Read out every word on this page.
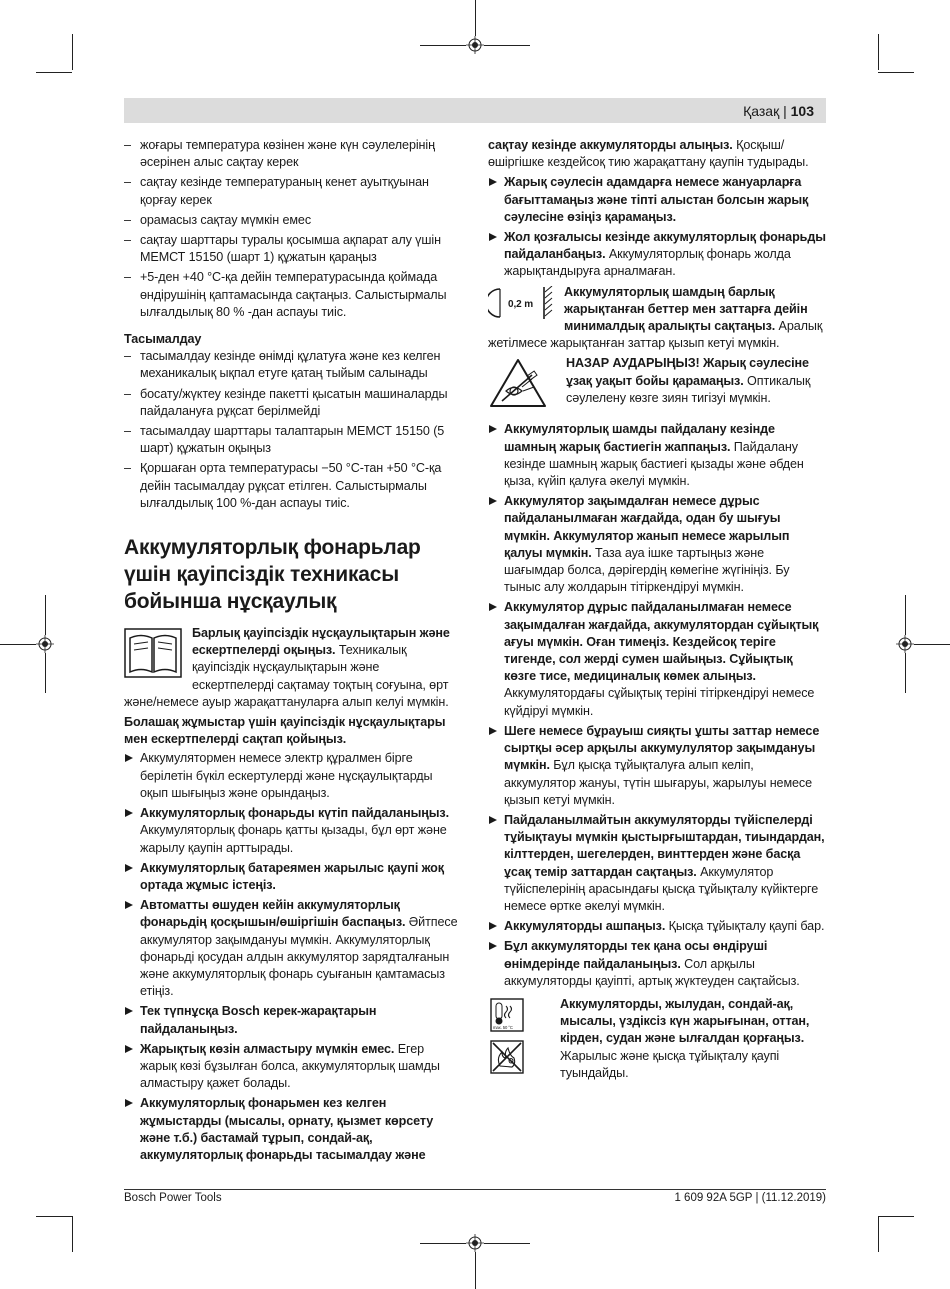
Қазақ | 103

– жоғары температура көзінен және күн сәулелерінің әсерінен алыс сақтау керек

– сақтау кезінде температураның кенет ауытқуынан қорғау керек

– орамасыз сақтау мүмкін емес

– сақтау шарттары туралы қосымша ақпарат алу үшін МЕМСТ 15150 (шарт 1) құжатын қараңыз

– +5-ден +40 °C-қа дейін температурасында қоймада өндірушінің қаптамасында сақтаңыз. Салыстырмалы ылғалдылық 80 % -дан аспауы тиіс.

Тасымалдау

– тасымалдау кезінде өнімді құлатуға және кез келген механикалық ықпал етуге қатаң тыйым салынады

– босату/жүктеу кезінде пакетті қысатын машиналарды пайдалануға рұқсат берілмейді

– тасымалдау шарттары талаптарын МЕМСТ 15150 (5 шарт) құжатын оқыңыз

– Қоршаған орта температурасы −50 °C-тан +50 °C-қа дейін тасымалдау рұқсат етілген. Салыстырмалы ылғалдылық 100 %-дан аспауы тиіс.

Аккумуляторлық фонарьлар үшін қауіпсіздік техникасы бойынша нұсқаулық

Барлық қауіпсіздік нұсқаулықтарын және ескертпелерді оқыңыз. Техникалық қауіпсіздік нұсқаулықтарын және ескертпелерді сақтамау тоқтың соғуына, өрт және/немесе ауыр жарақаттануларға алып келуі мүмкін.

Болашақ жұмыстар үшін қауіпсіздік нұсқаулықтары мен ескертпелерді сақтап қойыңыз.

Аккумулятормен немесе электр құралмен бірге берілетін бүкіл ескертулерді және нұсқаулықтарды оқып шығыңыз және орындаңыз.

Аккумуляторлық фонарьды күтіп пайдаланыңыз. Аккумуляторлық фонарь қатты қызады, бұл өрт және жарылу қаупін арттырады.

Аккумуляторлық батареямен жарылыс қаупі жоқ ортада жұмыс істеңіз.

Автоматты өшуден кейін аккумуляторлық фонарьдің қосқышын/өшіргішін баспаңыз. Әйтпесе аккумулятор зақымдануы мүмкін. Аккумуляторлық фонарьді қосудан алдын аккумулятор зарядталғанын және аккумуляторлық фонарь суығанын қамтамасыз етіңіз.

Тек түпнұсқа Bosch керек-жарақтарын пайдаланыңыз.

Жарықтық көзін алмастыру мүмкін емес. Егер жарық көзі бұзылған болса, аккумуляторлық шамды алмастыру қажет болады.

Аккумуляторлық фонарьмен кез келген жұмыстарды (мысалы, орнату, қызмет көрсету және т.б.) бастамай тұрып, сондай-ақ, аккумуляторлық фонарьды тасымалдау және

сақтау кезінде аккумуляторды алыңыз. Қосқыш/өшіргішке кездейсоқ тию жарақаттану қаупін тудырады.

Жарық сәулесін адамдарға немесе жануарларға бағыттамаңыз және тіпті алыстан болсын жарық сәулесіне өзіңіз қарамаңыз.

Жол қозғалысы кезінде аккумуляторлық фонарьды пайдаланбаңыз. Аккумуляторлық фонарь жолда жарықтандыруға арналмаған.

0,2 m

Аккумуляторлық шамдың барлық жарықтанған беттер мен заттарға дейін минималдық аралықты сақтаңыз. Аралық жетілмесе жарықтанған заттар қызып кетуі мүмкін.

НАЗАР АУДАРЫҢЫЗ! Жарық сәулесіне ұзақ уақыт бойы қарамаңыз. Оптикалық сәулелену көзге зиян тигізуі мүмкін.

Аккумуляторлық шамды пайдалану кезінде шамның жарық бастиегін жаппаңыз. Пайдалану кезінде шамның жарық бастиегі қызады және әбден қыза, күйіп қалуға әкелуі мүмкін.

Аккумулятор зақымдалған немесе дұрыс пайдаланылмаған жағдайда, одан бу шығуы мүмкін. Аккумулятор жанып немесе жарылып қалуы мүмкін. Таза ауа ішке тартыңыз және шағымдар болса, дәрігердің көмегіне жүгініңіз. Бу тыныс алу жолдарын тітіркендіруі мүмкін.

Аккумулятор дұрыс пайдаланылмаған немесе зақымдалған жағдайда, аккумулятордан сұйықтық ағуы мүмкін. Оған тимеңіз. Кездейсоқ теріге тигенде, сол жерді сумен шайыңыз. Сұйықтық көзге тисе, медициналық көмек алыңыз. Аккумулятордағы сұйықтық теріні тітіркендіруі немесе күйдіруі мүмкін.

Шеге немесе бұрауыш сияқты ұшты заттар немесе сыртқы әсер арқылы аккумулулятор зақымдануы мүмкін. Бұл қысқа тұйықталуға алып келіп, аккумулятор жануы, түтін шығаруы, жарылуы немесе қызып кетуі мүмкін.

Пайдаланылмайтын аккумуляторды түйіспелерді тұйықтауы мүмкін қыстырғыштардан, тиындардан, кілттерден, шегелерден, винттерден және басқа ұсақ темір заттардан сақтаңыз. Аккумулятор түйіспелерінің арасындағы қысқа тұйықталу күйіктерге немесе өртке әкелуі мүмкін.

Аккумуляторды ашпаңыз. Қысқа тұйықталу қаупі бар.

Бұл аккумуляторды тек қана осы өндіруші өнімдерінде пайдаланыңыз. Сол арқылы аккумуляторды қауіпті, артық жүктеуден сақтайсыз.

max. 50 °C

Аккумуляторды, жылудан, сондай-ақ, мысалы, үздіксіз күн жарығынан, оттан, кірден, судан және ылғалдан қорғаңыз. Жарылыс және қысқа тұйықталу қаупі туындайды.

Bosch Power Tools	1 609 92A 5GP | (11.12.2019)
